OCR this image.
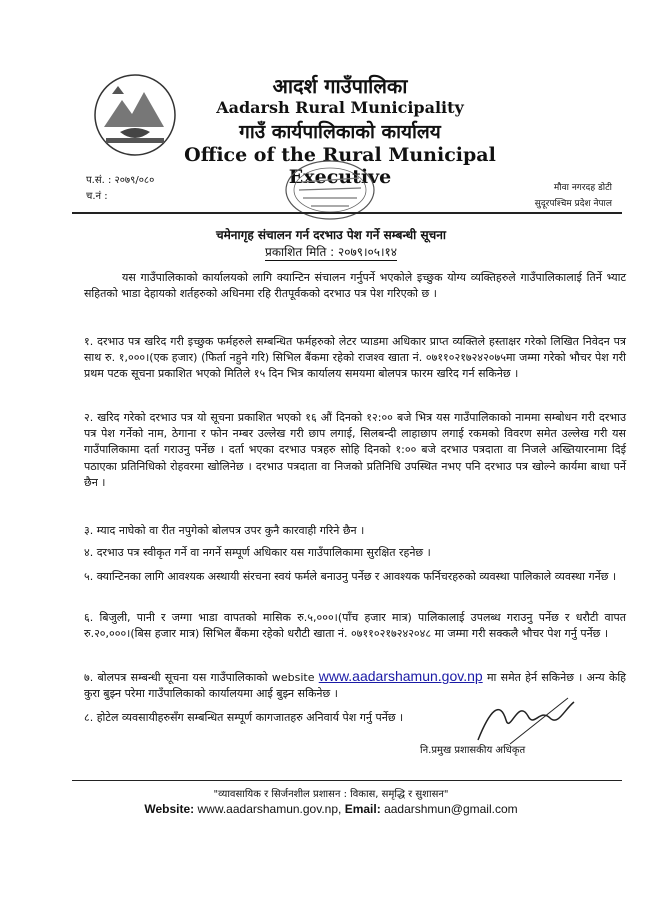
आदर्श गाउँपालिका
Aadarsh Rural Municipality
गाउँ कार्यपालिकाको कार्यालय
Office of the Rural Municipal Executive
प.सं. : २०७९/०८०
च.नं :
मौवा नगरदह डोटी
सुदूरपश्चिम प्रदेश नेपाल
चमेनागृह संचालन गर्न दरभाउ पेश गर्ने सम्बन्धी सूचना
प्रकाशित मिति : २०७९।०५।१४
यस गाउँपालिकाको कार्यालयको लागि क्यान्टिन संचालन गर्नुपर्ने भएकोले इच्छुक योग्य व्यक्तिहरुले गाउँपालिकालाई तिर्ने भ्याट सहितको भाडा देहायको शर्तहरुको अधिनमा रहि रीतपूर्वकको दरभाउ पत्र पेश गरिएको छ ।
१. दरभाउ पत्र खरिद गरी इच्छुक फर्महरुले सम्बन्धित फर्महरुको लेटर प्याडमा अधिकार प्राप्त व्यक्तिले हस्ताक्षर गरेको लिखित निवेदन पत्र साथ रु. १,०००।(एक हजार) (फिर्ता नहुने गरि) सिभिल बैंकमा रहेको राजश्व खाता नं. ०७११०२१७२४२०७५मा जम्मा गरेको भौचर पेश गरी प्रथम पटक सूचना प्रकाशित भएको मितिले १५ दिन भित्र कार्यालय समयमा बोलपत्र फारम खरिद गर्न सकिनेछ ।
२. खरिद गरेको दरभाउ पत्र यो सूचना प्रकाशित भएको १६ औं दिनको १२:०० बजे भित्र यस गाउँपालिकाको नाममा सम्बोधन गरी दरभाउ पत्र पेश गर्नेको नाम, ठेगाना र फोन नम्बर उल्लेख गरी छाप लगाई, सिलबन्दी लाहाछाप लगाई रकमको विवरण समेत उल्लेख गरी यस गाउँपालिकामा दर्ता गराउनु पर्नेछ । दर्ता भएका दरभाउ पत्रहरु सोहि दिनको १:०० बजे दरभाउ पत्रदाता वा निजले अख्तियारनामा दिई पठाएका प्रतिनिधिको रोहवरमा खोलिनेछ । दरभाउ पत्रदाता वा निजको प्रतिनिधि उपस्थित नभए पनि दरभाउ पत्र खोल्ने कार्यमा बाधा पर्ने छैन ।
३. म्याद नाघेको वा रीत नपुगेको बोलपत्र उपर कुनै कारवाही गरिने छैन ।
४. दरभाउ पत्र स्वीकृत गर्ने वा नगर्ने सम्पूर्ण अधिकार यस गाउँपालिकामा सुरक्षित रहनेछ ।
५. क्यान्टिनका लागि आवश्यक अस्थायी संरचना स्वयं फर्मले बनाउनु पर्नेछ र आवश्यक फर्निचरहरुको व्यवस्था पालिकाले व्यवस्था गर्नेछ ।
६. बिजुली, पानी र जग्गा भाडा वापतको मासिक रु.५,०००।(पाँच हजार मात्र) पालिकालाई उपलब्ध गराउनु पर्नेछ र धरौटी वापत रु.२०,०००।(बिस हजार मात्र) सिभिल बैंकमा रहेको धरौटी खाता नं. ०७११०२१७२४२०४८ मा जम्मा गरी सक्कलै भौचर पेश गर्नु पर्नेछ ।
७. बोलपत्र सम्बन्धी सूचना यस गाउँपालिकाको website www.aadarshamun.gov.np मा समेत हेर्न सकिनेछ । अन्य केहि कुरा बुझ्न परेमा गाउँपालिकाको कार्यालयमा आई बुझ्न सकिनेछ ।
८. होटेल व्यवसायीहरुसँग सम्बन्धित सम्पूर्ण कागजातहरु अनिवार्य पेश गर्नु पर्नेछ ।
नि.प्रमुख प्रशासकीय अधिकृत
"व्यावसायिक र सिर्जनशील प्रशासन : विकास, समृद्धि र सुशासन"
Website: www.aadarshamun.gov.np, Email: aadarshmun@gmail.com
